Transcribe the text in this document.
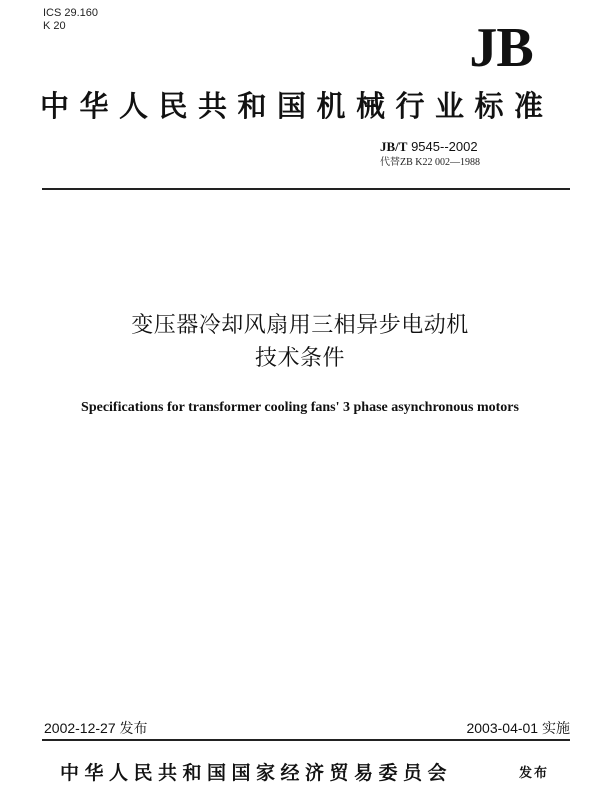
ICS 29.160
K 20	JB
中华人民共和国机械行业标准
JB/T 9545--2002
代替ZB K22 002—1988
变压器冷却风扇用三相异步电动机
技术条件
Specifications for transformer cooling fans' 3 phase asynchronous motors
2002-12-27 发布	2003-04-01 实施
中华人民共和国国家经济贸易委员会	发布
